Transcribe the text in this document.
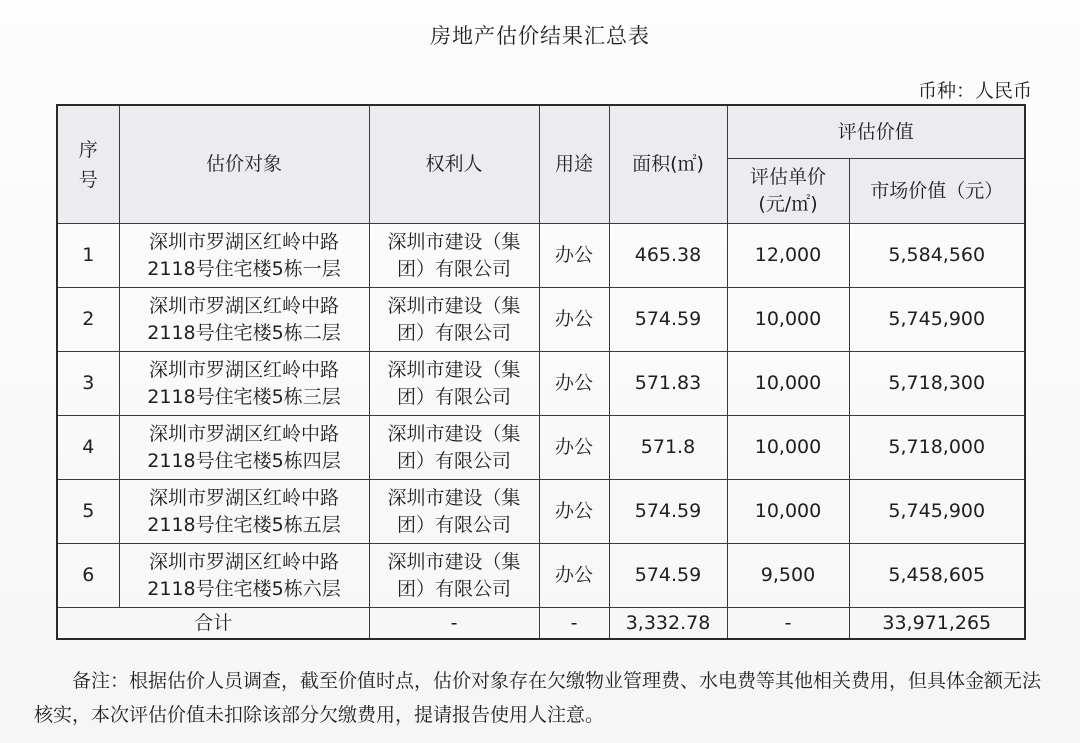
房地产估价结果汇总表
币种：人民币
序号	估价对象	权利人	用途	面积(㎡)	评估价值	
					评估单价(元/㎡)	市场价值（元）
1	深圳市罗湖区红岭中路2118号住宅楼5栋一层	深圳市建设（集团）有限公司	办公	465.38	12,000	5,584,560
2	深圳市罗湖区红岭中路2118号住宅楼5栋二层	深圳市建设（集团）有限公司	办公	574.59	10,000	5,745,900
3	深圳市罗湖区红岭中路2118号住宅楼5栋三层	深圳市建设（集团）有限公司	办公	571.83	10,000	5,718,300
4	深圳市罗湖区红岭中路2118号住宅楼5栋四层	深圳市建设（集团）有限公司	办公	571.8	10,000	5,718,000
5	深圳市罗湖区红岭中路2118号住宅楼5栋五层	深圳市建设（集团）有限公司	办公	574.59	10,000	5,745,900
6	深圳市罗湖区红岭中路2118号住宅楼5栋六层	深圳市建设（集团）有限公司	办公	574.59	9,500	5,458,605
合计		-	-	3,332.78	-	33,971,265
备注：根据估价人员调查，截至价值时点，估价对象存在欠缴物业管理费、水电费等其他相关费用，但具体金额无法核实，本次评估价值未扣除该部分欠缴费用，提请报告使用人注意。
